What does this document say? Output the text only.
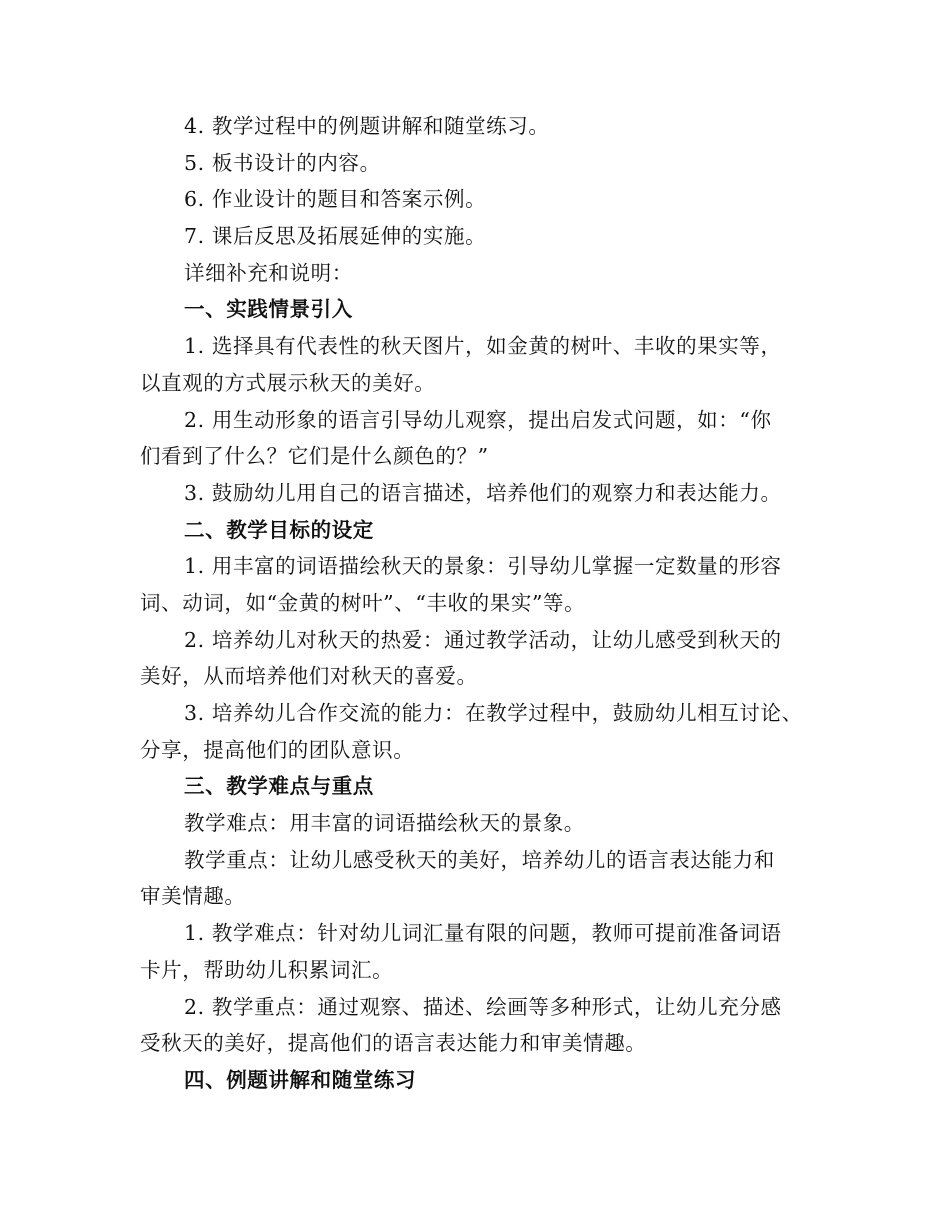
4. 教学过程中的例题讲解和随堂练习。
5. 板书设计的内容。
6. 作业设计的题目和答案示例。
7. 课后反思及拓展延伸的实施。
详细补充和说明：
一、实践情景引入
1. 选择具有代表性的秋天图片，如金黄的树叶、丰收的果实等，
以直观的方式展示秋天的美好。
2. 用生动形象的语言引导幼儿观察，提出启发式问题，如：“你
们看到了什么？它们是什么颜色的？”
3. 鼓励幼儿用自己的语言描述，培养他们的观察力和表达能力。
二、教学目标的设定
1. 用丰富的词语描绘秋天的景象：引导幼儿掌握一定数量的形容
词、动词，如“金黄的树叶”、“丰收的果实”等。
2. 培养幼儿对秋天的热爱：通过教学活动，让幼儿感受到秋天的
美好，从而培养他们对秋天的喜爱。
3. 培养幼儿合作交流的能力：在教学过程中，鼓励幼儿相互讨论、
分享，提高他们的团队意识。
三、教学难点与重点
教学难点：用丰富的词语描绘秋天的景象。
教学重点：让幼儿感受秋天的美好，培养幼儿的语言表达能力和
审美情趣。
1. 教学难点：针对幼儿词汇量有限的问题，教师可提前准备词语
卡片，帮助幼儿积累词汇。
2. 教学重点：通过观察、描述、绘画等多种形式，让幼儿充分感
受秋天的美好，提高他们的语言表达能力和审美情趣。
四、例题讲解和随堂练习
